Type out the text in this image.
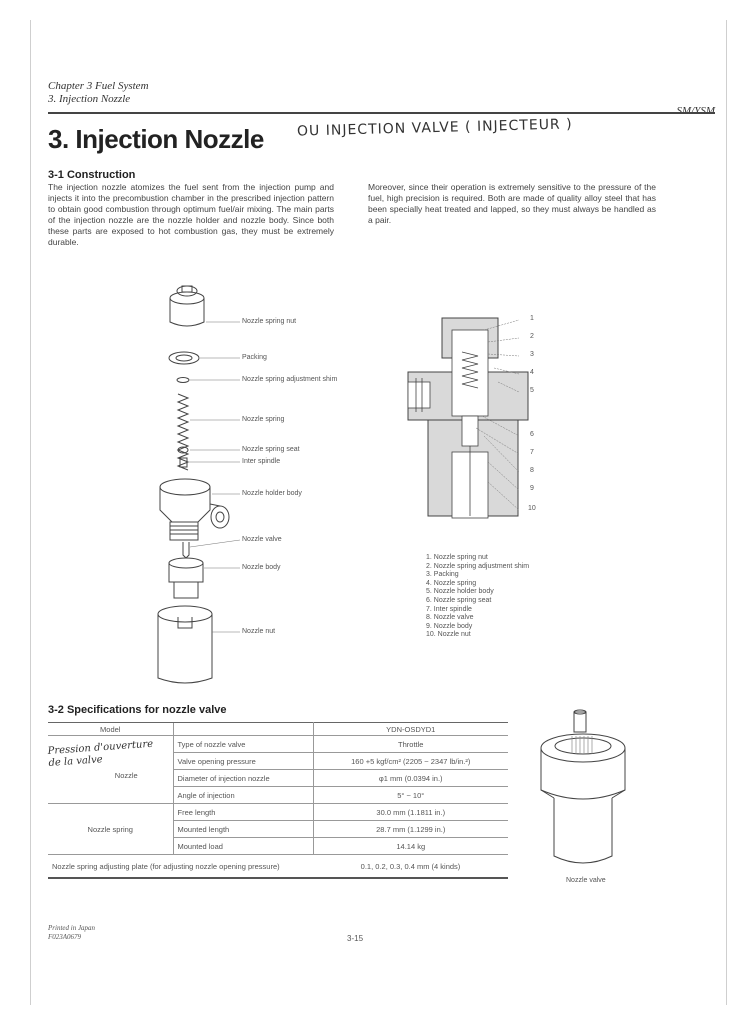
Chapter 3 Fuel System
3. Injection Nozzle
SM/YSM
3. Injection Nozzle OU INJECTION VALVE ( INJECTEUR )
3-1 Construction
The injection nozzle atomizes the fuel sent from the injection pump and injects it into the precombustion chamber in the prescribed injection pattern to obtain good combustion through optimum fuel/air mixing. The main parts of the injection nozzle are the nozzle holder and nozzle body. Since both these parts are exposed to hot combustion gas, they must be extremely durable.
Moreover, since their operation is extremely sensitive to the pressure of the fuel, high precision is required. Both are made of quality alloy steel that has been specially heat treated and lapped, so they must always be handled as a pair.
Nozzle spring nut
Packing
Nozzle spring adjustment shim
Nozzle spring
Nozzle spring seat
Inter spindle
Nozzle holder body
Nozzle valve
Nozzle body
Nozzle nut
1
2
3
4
5
6
7
8
9
10
1. Nozzle spring nut
2. Nozzle spring adjustment shim
3. Packing
4. Nozzle spring
5. Nozzle holder body
6. Nozzle spring seat
7. Inter spindle
8. Nozzle valve
9. Nozzle body
10. Nozzle nut
3-2 Specifications for nozzle valve
Model		YDN-OSDYD1
Nozzle	Type of nozzle valve	Throttle
	Valve opening pressure	160 +5 kgf/cm² (2205 ~ 2347 lb/in.²)
	Diameter of injection nozzle	φ1 mm (0.0394 in.)
	Angle of injection	5° ~ 10°
Nozzle spring	Free length	30.0 mm (1.1811 in.)
	Mounted length	28.7 mm (1.1299 in.)
	Mounted load	14.14 kg
Nozzle spring adjusting plate (for adjusting nozzle opening pressure)		0.1, 0.2, 0.3, 0.4 mm (4 kinds)
Pression d'ouverture de la valve
Nozzle valve
Printed in Japan
F023A0679	3-15
